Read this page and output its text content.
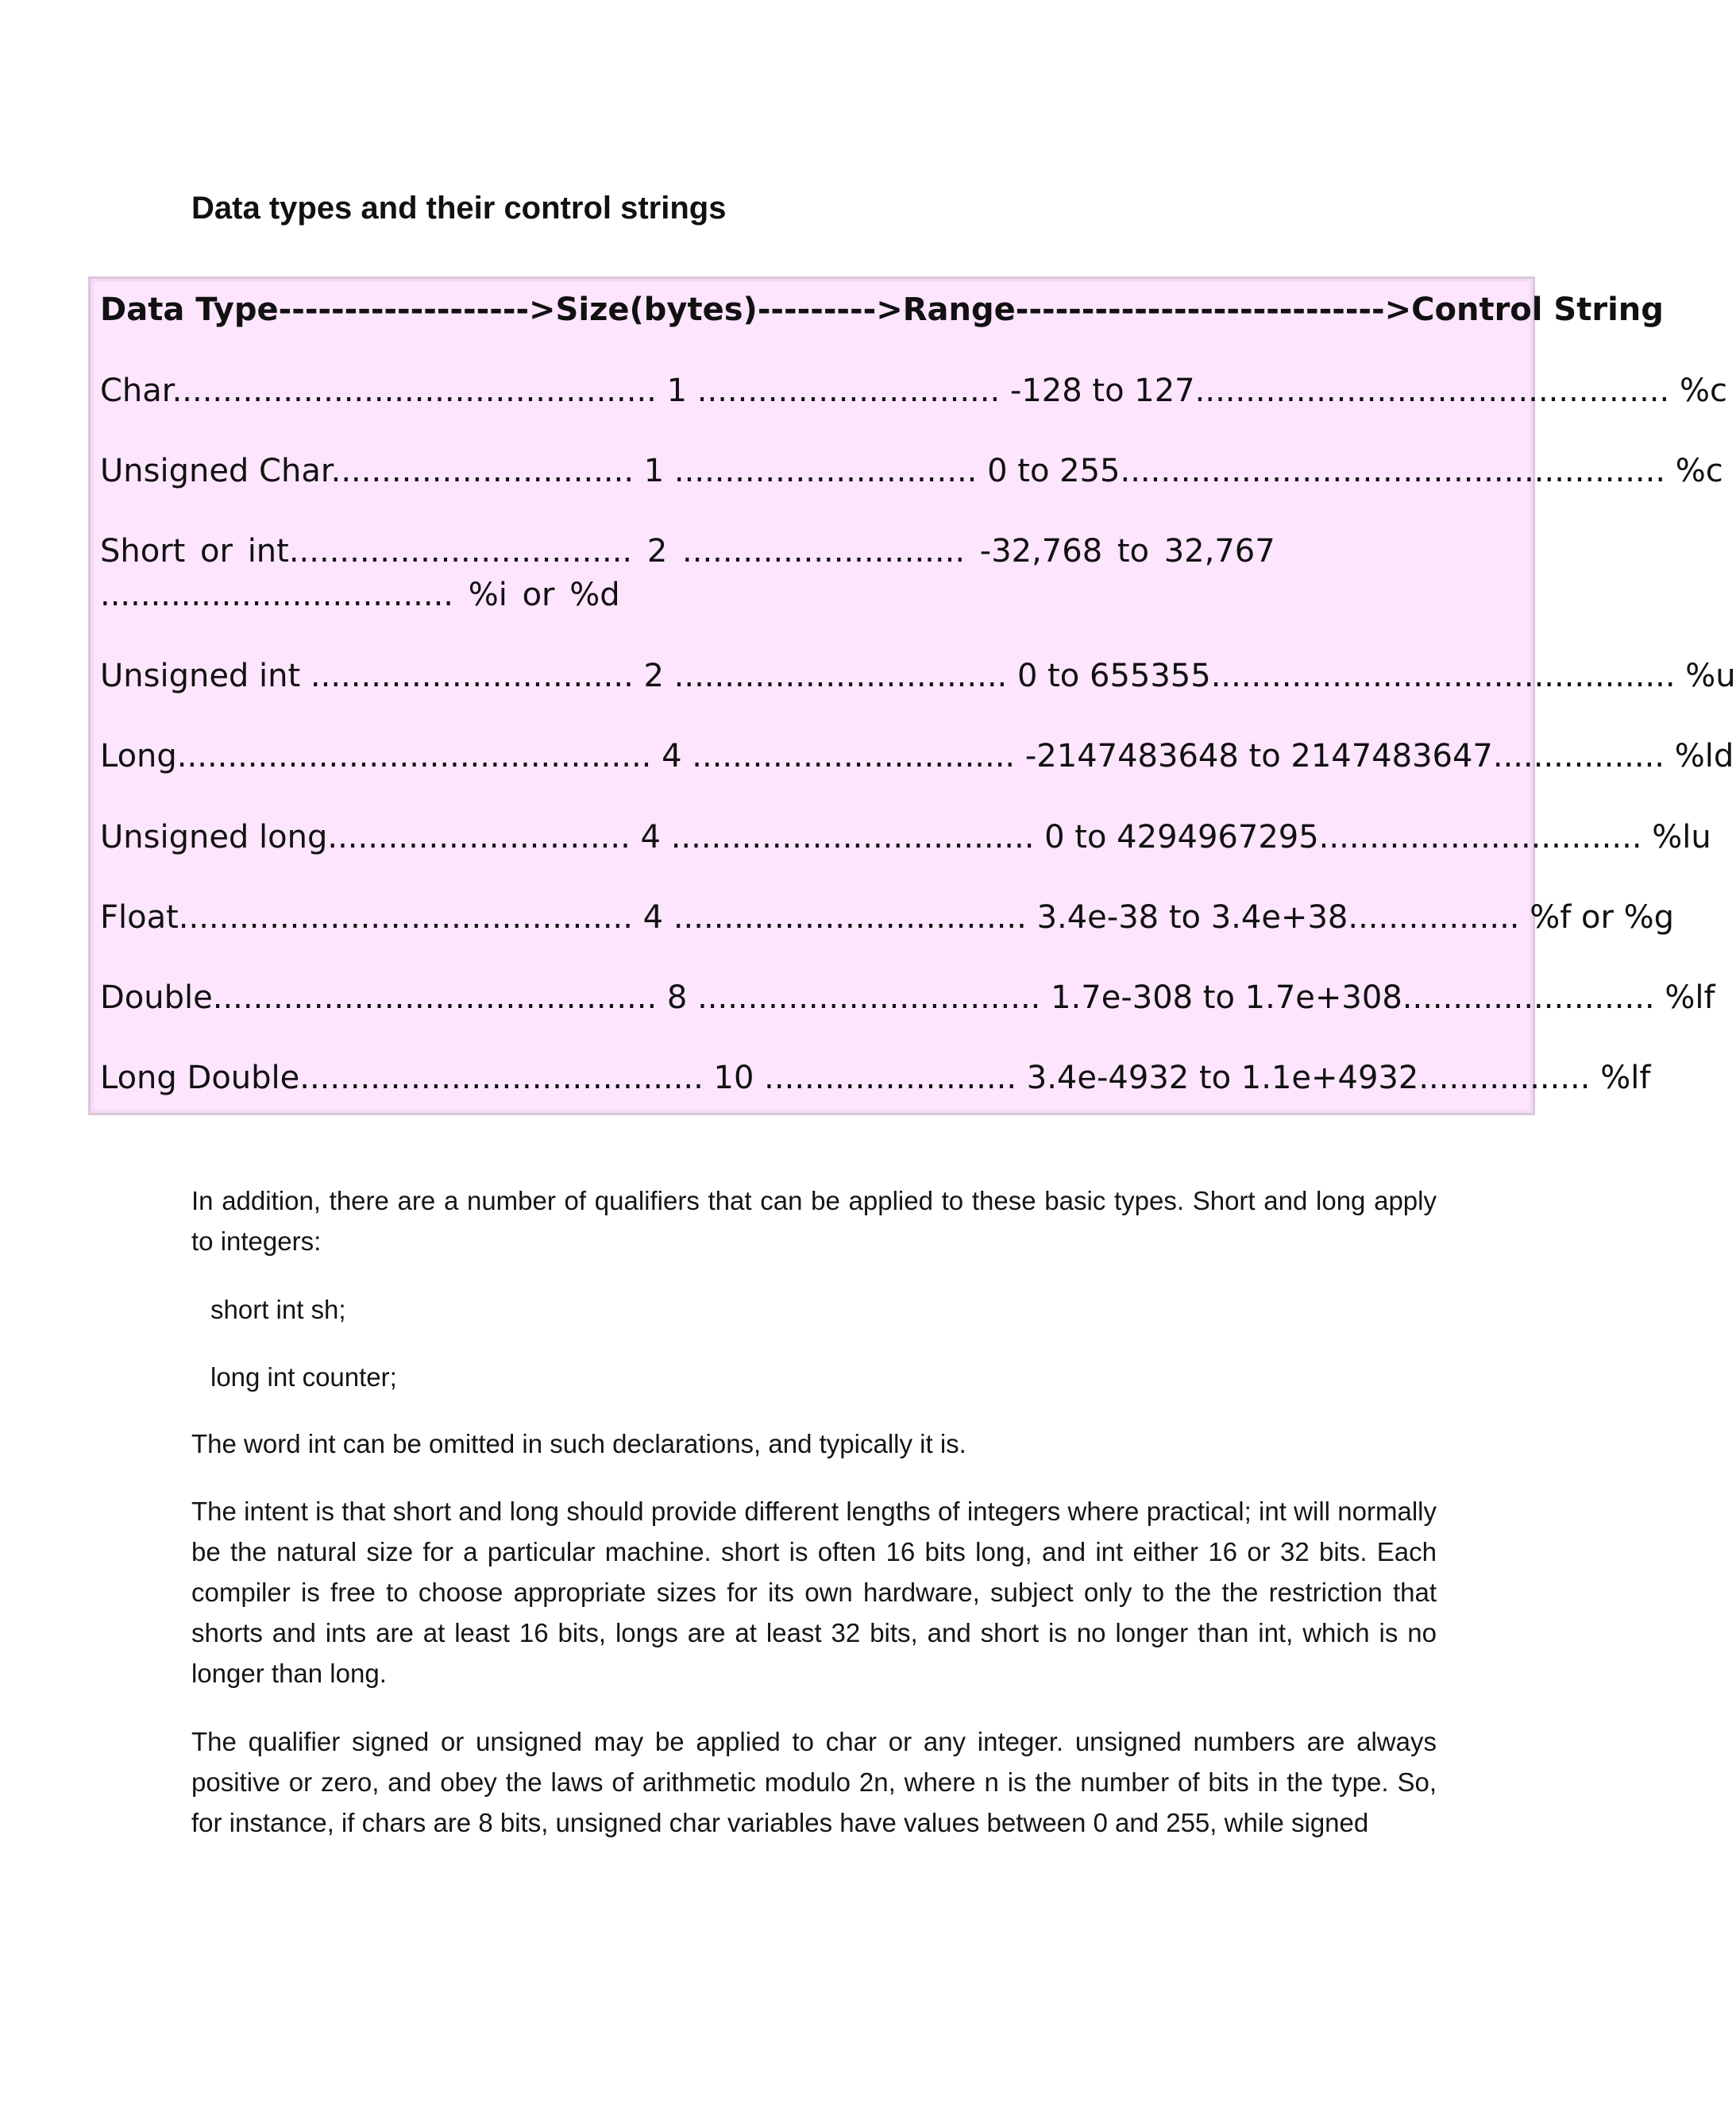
Data types and their control strings
Data Type------------------->Size(bytes)--------->Range---------------------------->Control String
Char................................................ 1 .............................. -128 to 127............................................... %c
Unsigned Char.............................. 1 .............................. 0 to 255...................................................... %c
Short or int.................................. 2 ............................ -32,768 to 32,767 ................................... %i or %d
Unsigned int ................................ 2 ................................. 0 to 655355.............................................. %u
Long............................................... 4 ................................ -2147483648 to 2147483647................. %ld
Unsigned long.............................. 4 .................................... 0 to 4294967295................................ %lu
Float............................................. 4 ................................... 3.4e-38 to 3.4e+38................. %f or %g
Double............................................ 8 .................................. 1.7e-308 to 1.7e+308......................... %lf
Long Double........................................ 10 ......................... 3.4e-4932 to 1.1e+4932................. %lf

In addition, there are a number of qualifiers that can be applied to these basic types. Short and long apply to integers:

short int sh;

long int counter;

The word int can be omitted in such declarations, and typically it is.

The intent is that short and long should provide different lengths of integers where practical; int will normally be the natural size for a particular machine. short is often 16 bits long, and int either 16 or 32 bits. Each compiler is free to choose appropriate sizes for its own hardware, subject only to the the restriction that shorts and ints are at least 16 bits, longs are at least 32 bits, and short is no longer than int, which is no longer than long.

The qualifier signed or unsigned may be applied to char or any integer. unsigned numbers are always positive or zero, and obey the laws of arithmetic modulo 2n, where n is the number of bits in the type. So, for instance, if chars are 8 bits, unsigned char variables have values between 0 and 255, while signed
